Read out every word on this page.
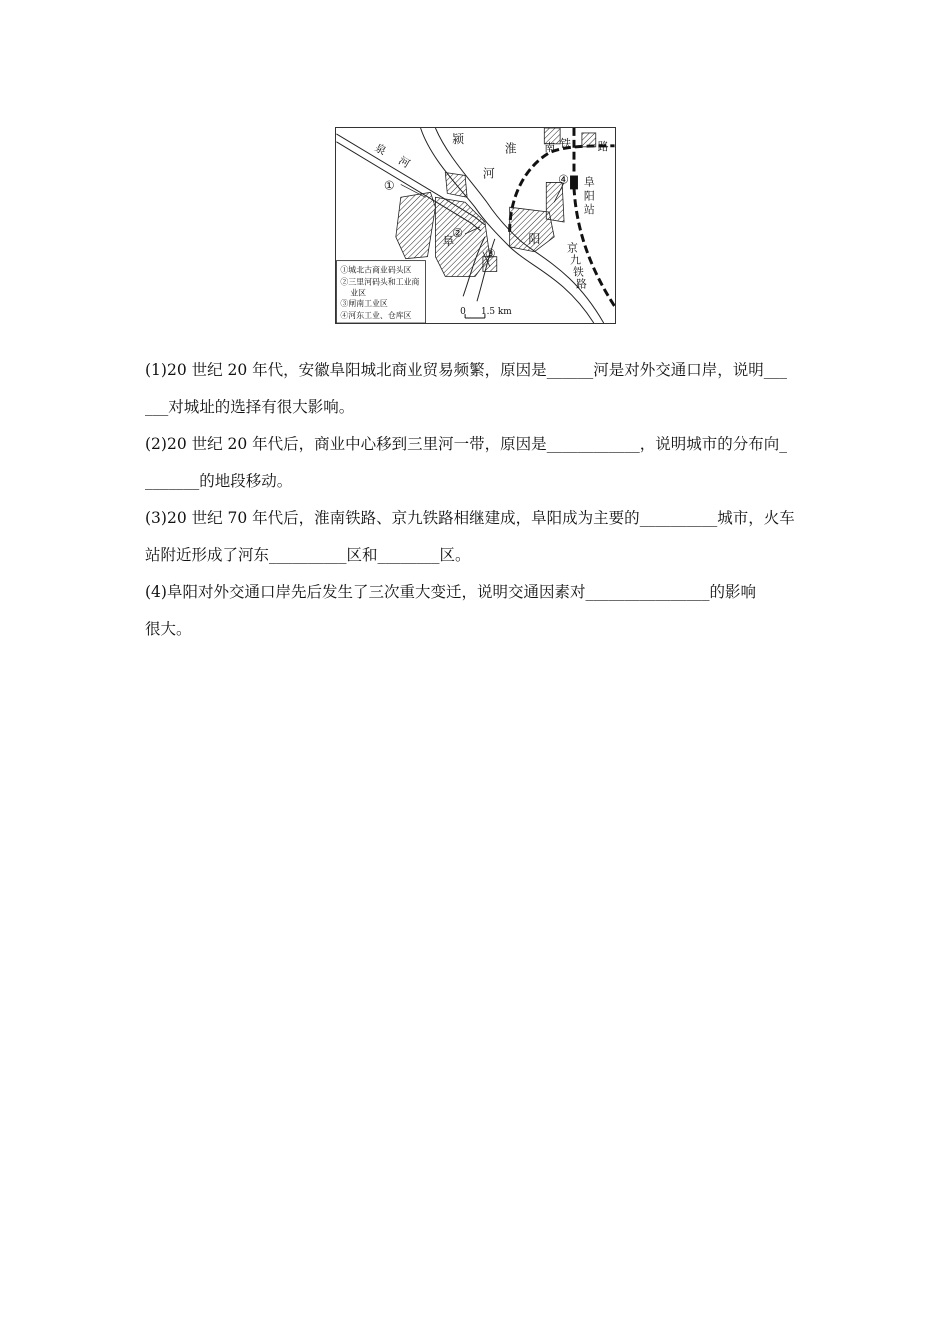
泉
河
颍
河
淮	南 铁 路
阜
阳
站
京
九
铁
路
阜	阳
①
②
③
④
①城北古商业码头区
②三里河码头和工业商
业区
③闸南工业区
④河东工业、仓库区	0 1.5 km

(1)20 世纪 20 年代，安徽阜阳城北商业贸易频繁，原因是______河是对外交通口岸，说明___

___对城址的选择有很大影响。

(2)20 世纪 20 年代后，商业中心移到三里河一带，原因是____________，说明城市的分布向_

_______的地段移动。

(3)20 世纪 70 年代后，淮南铁路、京九铁路相继建成，阜阳成为主要的__________城市，火车

站附近形成了河东__________区和________区。

(4)阜阳对外交通口岸先后发生了三次重大变迁，说明交通因素对________________的影响

很大。
